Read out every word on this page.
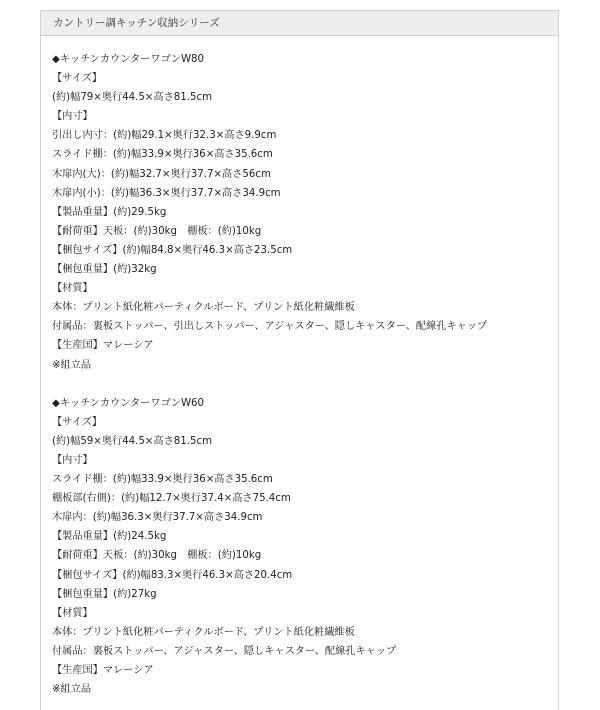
カントリー調キッチン収納シリーズ
◆キッチンカウンターワゴンW80
【サイズ】
(約)幅79×奥行44.5×高さ81.5cm
【内寸】
引出し内寸：(約)幅29.1×奥行32.3×高さ9.9cm
スライド棚：(約)幅33.9×奥行36×高さ35.6cm
木扉内(大)：(約)幅32.7×奥行37.7×高さ56cm
木扉内(小)：(約)幅36.3×奥行37.7×高さ34.9cm
【製品重量】(約)29.5kg
【耐荷重】天板：(約)30kg　棚板：(約)10kg
【梱包サイズ】(約)幅84.8×奥行46.3×高さ23.5cm
【梱包重量】(約)32kg
【材質】
本体：プリント紙化粧パーティクルボード、プリント紙化粧繊維板
付属品：裏板ストッパー、引出しストッパー、アジャスター、隠しキャスター、配線孔キャップ
【生産国】マレーシア
※組立品
◆キッチンカウンターワゴンW60
【サイズ】
(約)幅59×奥行44.5×高さ81.5cm
【内寸】
スライド棚：(約)幅33.9×奥行36×高さ35.6cm
棚板部(右側)：(約)幅12.7×奥行37.4×高さ75.4cm
木扉内：(約)幅36.3×奥行37.7×高さ34.9cm
【製品重量】(約)24.5kg
【耐荷重】天板：(約)30kg　棚板：(約)10kg
【梱包サイズ】(約)幅83.3×奥行46.3×高さ20.4cm
【梱包重量】(約)27kg
【材質】
本体：プリント紙化粧パーティクルボード、プリント紙化粧繊維板
付属品：裏板ストッパー、アジャスター、隠しキャスター、配線孔キャップ
【生産国】マレーシア
※組立品
